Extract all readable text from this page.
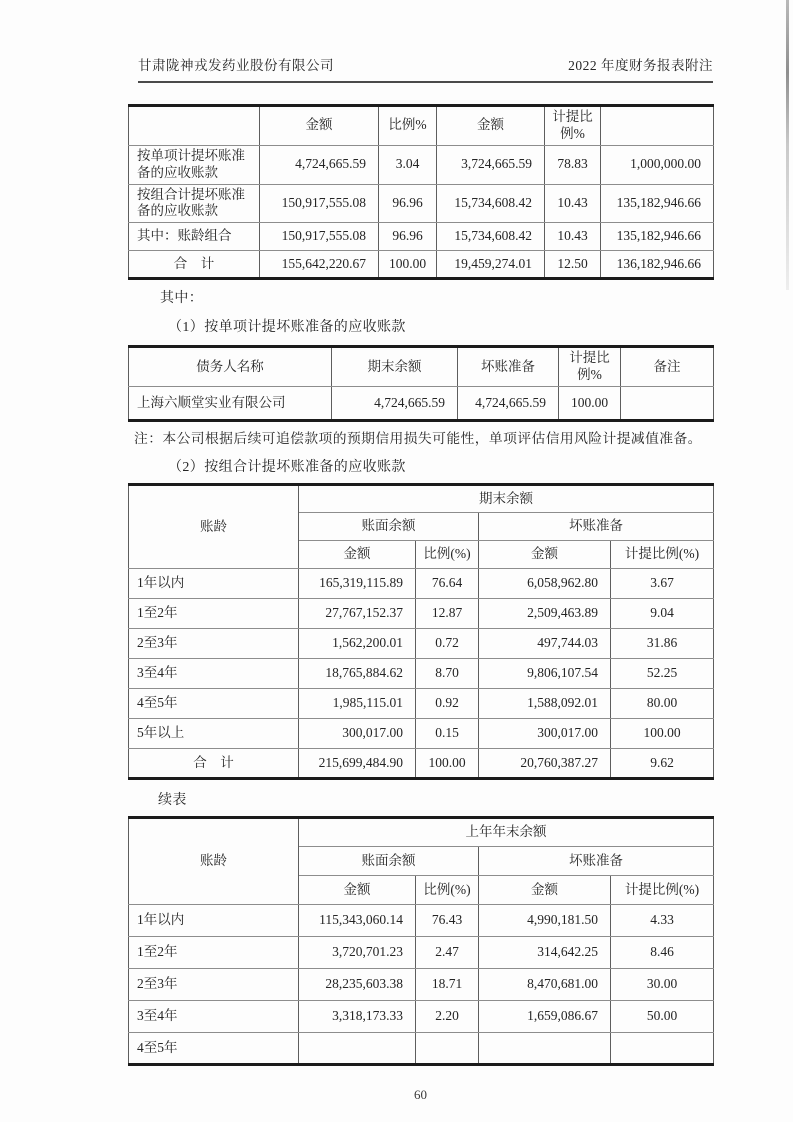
甘肃陇神戎发药业股份有限公司	2022 年度财务报表附注
	金额	比例%	金额	计提比例%	
按单项计提坏账准备的应收账款	4,724,665.59	3.04	3,724,665.59	78.83	1,000,000.00
按组合计提坏账准备的应收账款	150,917,555.08	96.96	15,734,608.42	10.43	135,182,946.66
其中：账龄组合	150,917,555.08	96.96	15,734,608.42	10.43	135,182,946.66
合　计	155,642,220.67	100.00	19,459,274.01	12.50	136,182,946.66

其中：

（1）按单项计提坏账准备的应收账款

债务人名称	期末余额	坏账准备	计提比例%	备注
上海六顺堂实业有限公司	4,724,665.59	4,724,665.59	100.00	

注：本公司根据后续可追偿款项的预期信用损失可能性，单项评估信用风险计提减值准备。

（2）按组合计提坏账准备的应收账款

账龄	期末余额			
	账面余额		坏账准备	
	金额	比例(%)	金额	计提比例(%)
1年以内	165,319,115.89	76.64	6,058,962.80	3.67
1至2年	27,767,152.37	12.87	2,509,463.89	9.04
2至3年	1,562,200.01	0.72	497,744.03	31.86
3至4年	18,765,884.62	8.70	9,806,107.54	52.25
4至5年	1,985,115.01	0.92	1,588,092.01	80.00
5年以上	300,017.00	0.15	300,017.00	100.00
合　计	215,699,484.90	100.00	20,760,387.27	9.62

续表

账龄	上年年末余额			
	账面余额		坏账准备	
	金额	比例(%)	金额	计提比例(%)
1年以内	115,343,060.14	76.43	4,990,181.50	4.33
1至2年	3,720,701.23	2.47	314,642.25	8.46
2至3年	28,235,603.38	18.71	8,470,681.00	30.00
3至4年	3,318,173.33	2.20	1,659,086.67	50.00
4至5年				
60
